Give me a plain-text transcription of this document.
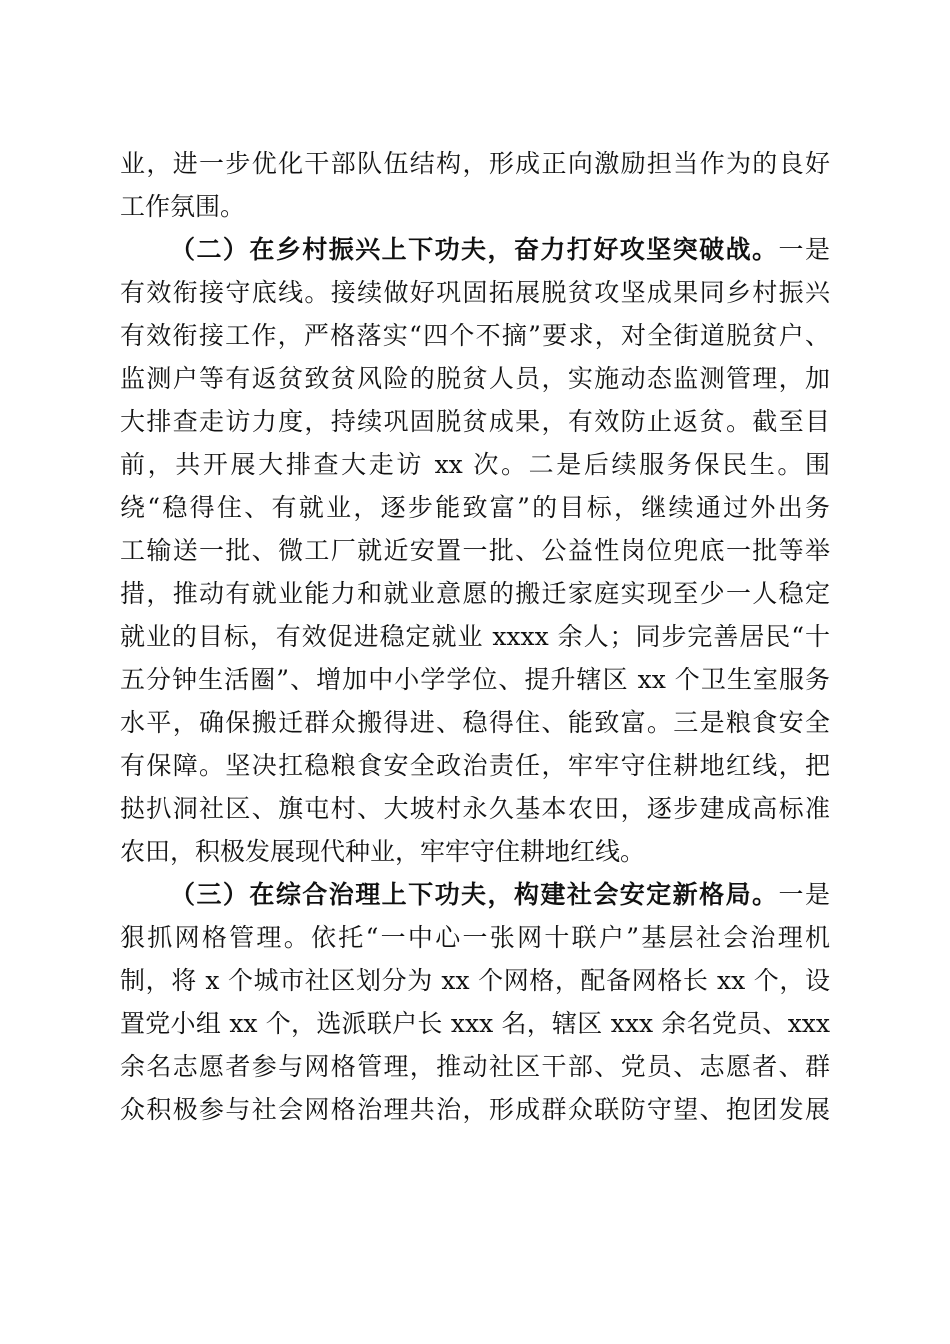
业，进一步优化干部队伍结构，形成正向激励担当作为的良好
工作氛围。
（二）在乡村振兴上下功夫，奋力打好攻坚突破战。一是
有效衔接守底线。接续做好巩固拓展脱贫攻坚成果同乡村振兴
有效衔接工作，严格落实“四个不摘”要求，对全街道脱贫户、
监测户等有返贫致贫风险的脱贫人员，实施动态监测管理，加
大排查走访力度，持续巩固脱贫成果，有效防止返贫。截至目
前，共开展大排查大走访 xx 次。二是后续服务保民生。围
绕“稳得住、有就业，逐步能致富”的目标，继续通过外出务
工输送一批、微工厂就近安置一批、公益性岗位兜底一批等举
措，推动有就业能力和就业意愿的搬迁家庭实现至少一人稳定
就业的目标，有效促进稳定就业 xxxx 余人；同步完善居民“十
五分钟生活圈”、增加中小学学位、提升辖区 xx 个卫生室服务
水平，确保搬迁群众搬得进、稳得住、能致富。三是粮食安全
有保障。坚决扛稳粮食安全政治责任，牢牢守住耕地红线，把
挞扒洞社区、旗屯村、大坡村永久基本农田，逐步建成高标准
农田，积极发展现代种业，牢牢守住耕地红线。
（三）在综合治理上下功夫，构建社会安定新格局。一是
狠抓网格管理。依托“一中心一张网十联户”基层社会治理机
制，将 x 个城市社区划分为 xx 个网格，配备网格长 xx 个，设
置党小组 xx 个，选派联户长 xxx 名，辖区 xxx 余名党员、xxx
余名志愿者参与网格管理，推动社区干部、党员、志愿者、群
众积极参与社会网格治理共治，形成群众联防守望、抱团发展
